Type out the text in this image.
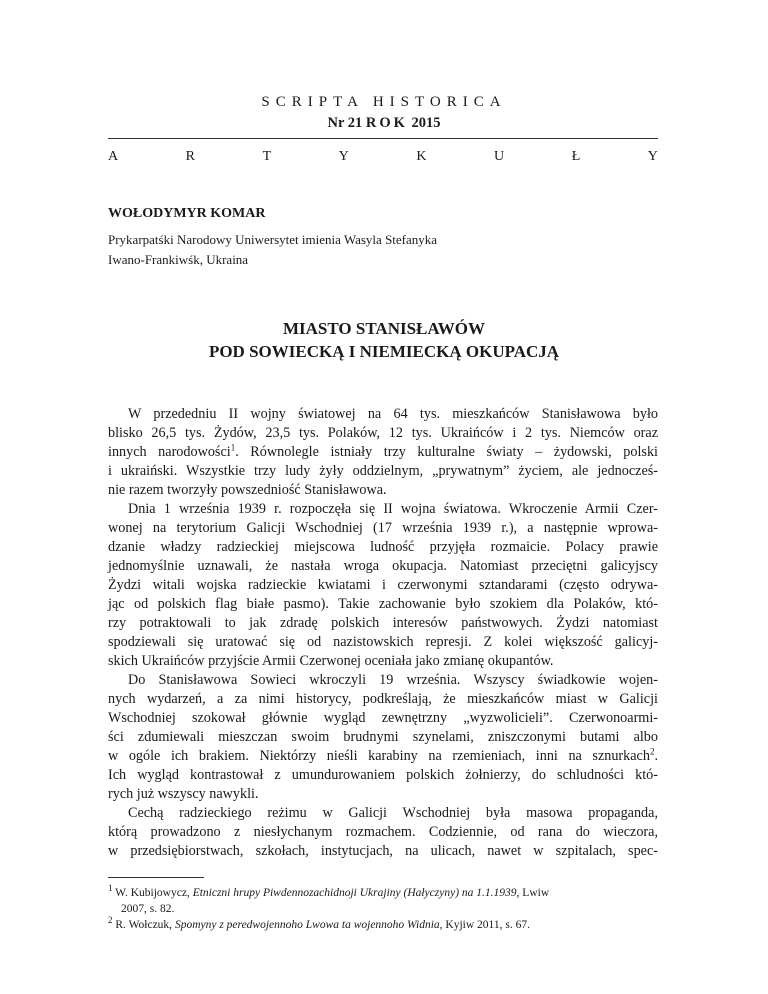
SCRIPTA HISTORICA
Nr 21 ROK 2015
A	R	T	Y	K	U	Ł	Y
WOŁODYMYR KOMAR
Prykarpatśki Narodowy Uniwersytet imienia Wasyla Stefanyka
Iwano-Frankiwśk, Ukraina
MIASTO STANISŁAWÓW
POD SOWIECKĄ I NIEMIECKĄ OKUPACJĄ
W przededniu II wojny światowej na 64 tys. mieszkańców Stanisławowa było
blisko 26,5 tys. Żydów, 23,5 tys. Polaków, 12 tys. Ukraińców i 2 tys. Niemców oraz
innych narodowości$^1$. Równolegle istniały trzy kulturalne światy – żydowski, polski
i ukraiński. Wszystkie trzy ludy żyły oddzielnym, „prywatnym” życiem, ale jednocześ-
nie razem tworzyły powszedniość Stanisławowa.
Dnia 1 września 1939 r. rozpoczęła się II wojna światowa. Wkroczenie Armii Czer-
wonej na terytorium Galicji Wschodniej (17 września 1939 r.), a następnie wprowa-
dzanie władzy radzieckiej miejscowa ludność przyjęła rozmaicie. Polacy prawie
jednomyślnie uznawali, że nastała wroga okupacja. Natomiast przeciętni galicyjscy
Żydzi witali wojska radzieckie kwiatami i czerwonymi sztandarami (często odrywa-
jąc od polskich flag białe pasmo). Takie zachowanie było szokiem dla Polaków, któ-
rzy potraktowali to jak zdradę polskich interesów państwowych. Żydzi natomiast
spodziewali się uratować się od nazistowskich represji. Z kolei większość galicyj-
skich Ukraińców przyjście Armii Czerwonej oceniała jako zmianę okupantów.
Do Stanisławowa Sowieci wkroczyli 19 września. Wszyscy świadkowie wojen-
nych wydarzeń, a za nimi historycy, podkreślają, że mieszkańców miast w Galicji
Wschodniej szokował głównie wygląd zewnętrzny „wyzwolicieli”. Czerwonoarmi-
ści zdumiewali mieszczan swoim brudnymi szynelami, zniszczonymi butami albo
w ogóle ich brakiem. Niektórzy nieśli karabiny na rzemieniach, inni na sznurkach$^2$.
Ich wygląd kontrastował z umundurowaniem polskich żołnierzy, do schludności któ-
rych już wszyscy nawykli.
Cechą radzieckiego reżimu w Galicji Wschodniej była masowa propaganda,
którą prowadzono z niesłychanym rozmachem. Codziennie, od rana do wieczora,
w przedsiębiorstwach, szkołach, instytucjach, na ulicach, nawet w szpitalach, spec-
$^1$ W. Kubijowycz, Etniczni hrupy Piwdennozachidnoji Ukrajiny (Hałyczyny) na 1.1.1939, Lwiw
2007, s. 82.
$^2$ R. Wołczuk, Spomyny z peredwojennoho Lwowa ta wojennoho Widnia, Kyjiw 2011, s. 67.
